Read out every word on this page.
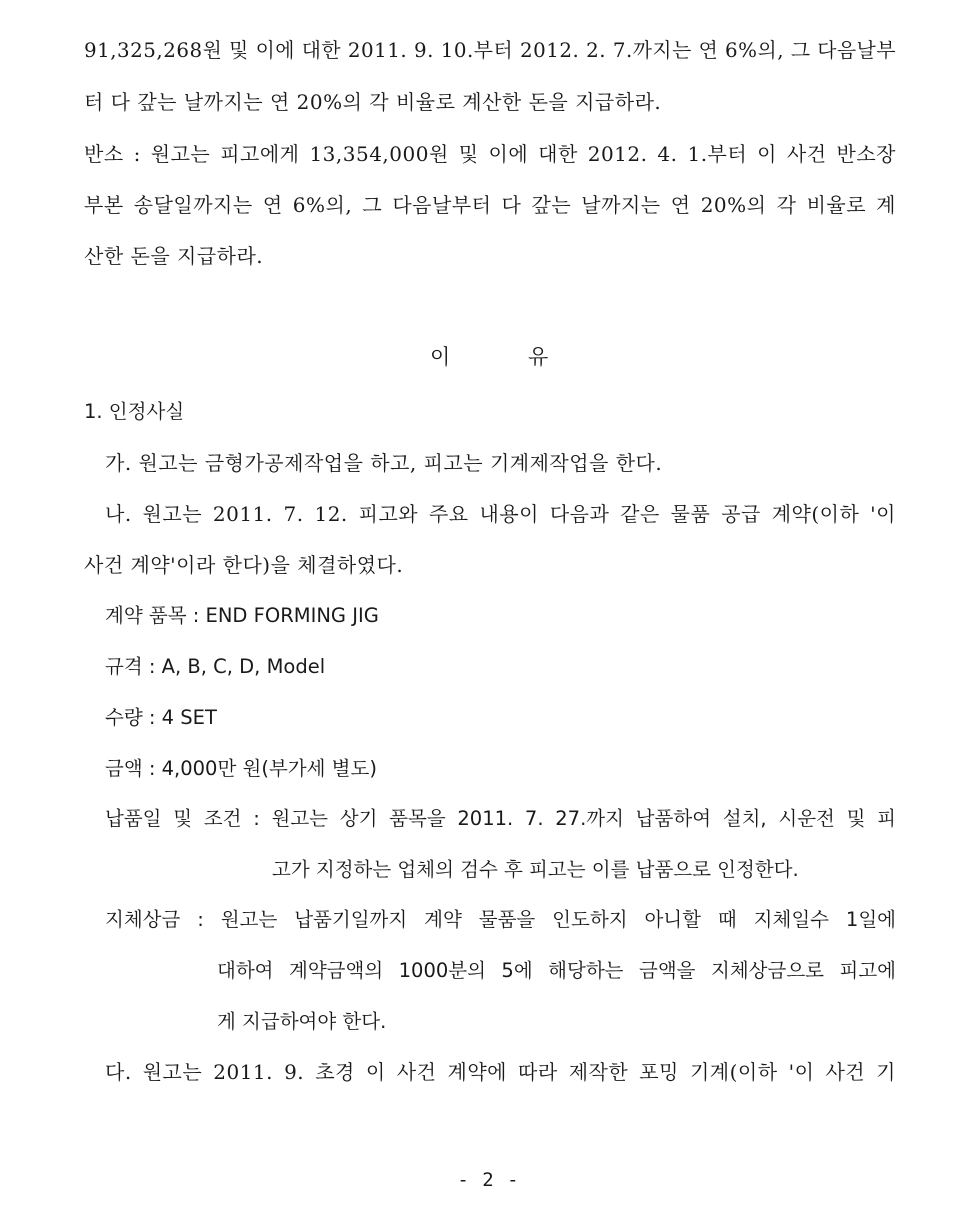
91,325,268원 및 이에 대한 2011. 9. 10.부터 2012. 2. 7.까지는 연 6%의, 그 다음날부
터 다 갚는 날까지는 연 20%의 각 비율로 계산한 돈을 지급하라.
반소 : 원고는 피고에게 13,354,000원 및 이에 대한 2012. 4. 1.부터 이 사건 반소장
부본 송달일까지는 연 6%의, 그 다음날부터 다 갚는 날까지는 연 20%의 각 비율로 계
산한 돈을 지급하라.
이	유
1. 인정사실
가. 원고는 금형가공제작업을 하고, 피고는 기계제작업을 한다.
나. 원고는 2011. 7. 12. 피고와 주요 내용이 다음과 같은 물품 공급 계약(이하 '이
사건 계약'이라 한다)을 체결하였다.
계약 품목 : END FORMING JIG
규격 : A, B, C, D, Model
수량 : 4 SET
금액 : 4,000만 원(부가세 별도)
납품일 및 조건 : 원고는 상기 품목을 2011. 7. 27.까지 납품하여 설치, 시운전 및 피
고가 지정하는 업체의 검수 후 피고는 이를 납품으로 인정한다.
지체상금 : 원고는 납품기일까지 계약 물품을 인도하지 아니할 때 지체일수 1일에
대하여 계약금액의 1000분의 5에 해당하는 금액을 지체상금으로 피고에
게 지급하여야 한다.
다. 원고는 2011. 9. 초경 이 사건 계약에 따라 제작한 포밍 기계(이하 '이 사건 기
- 2 -
